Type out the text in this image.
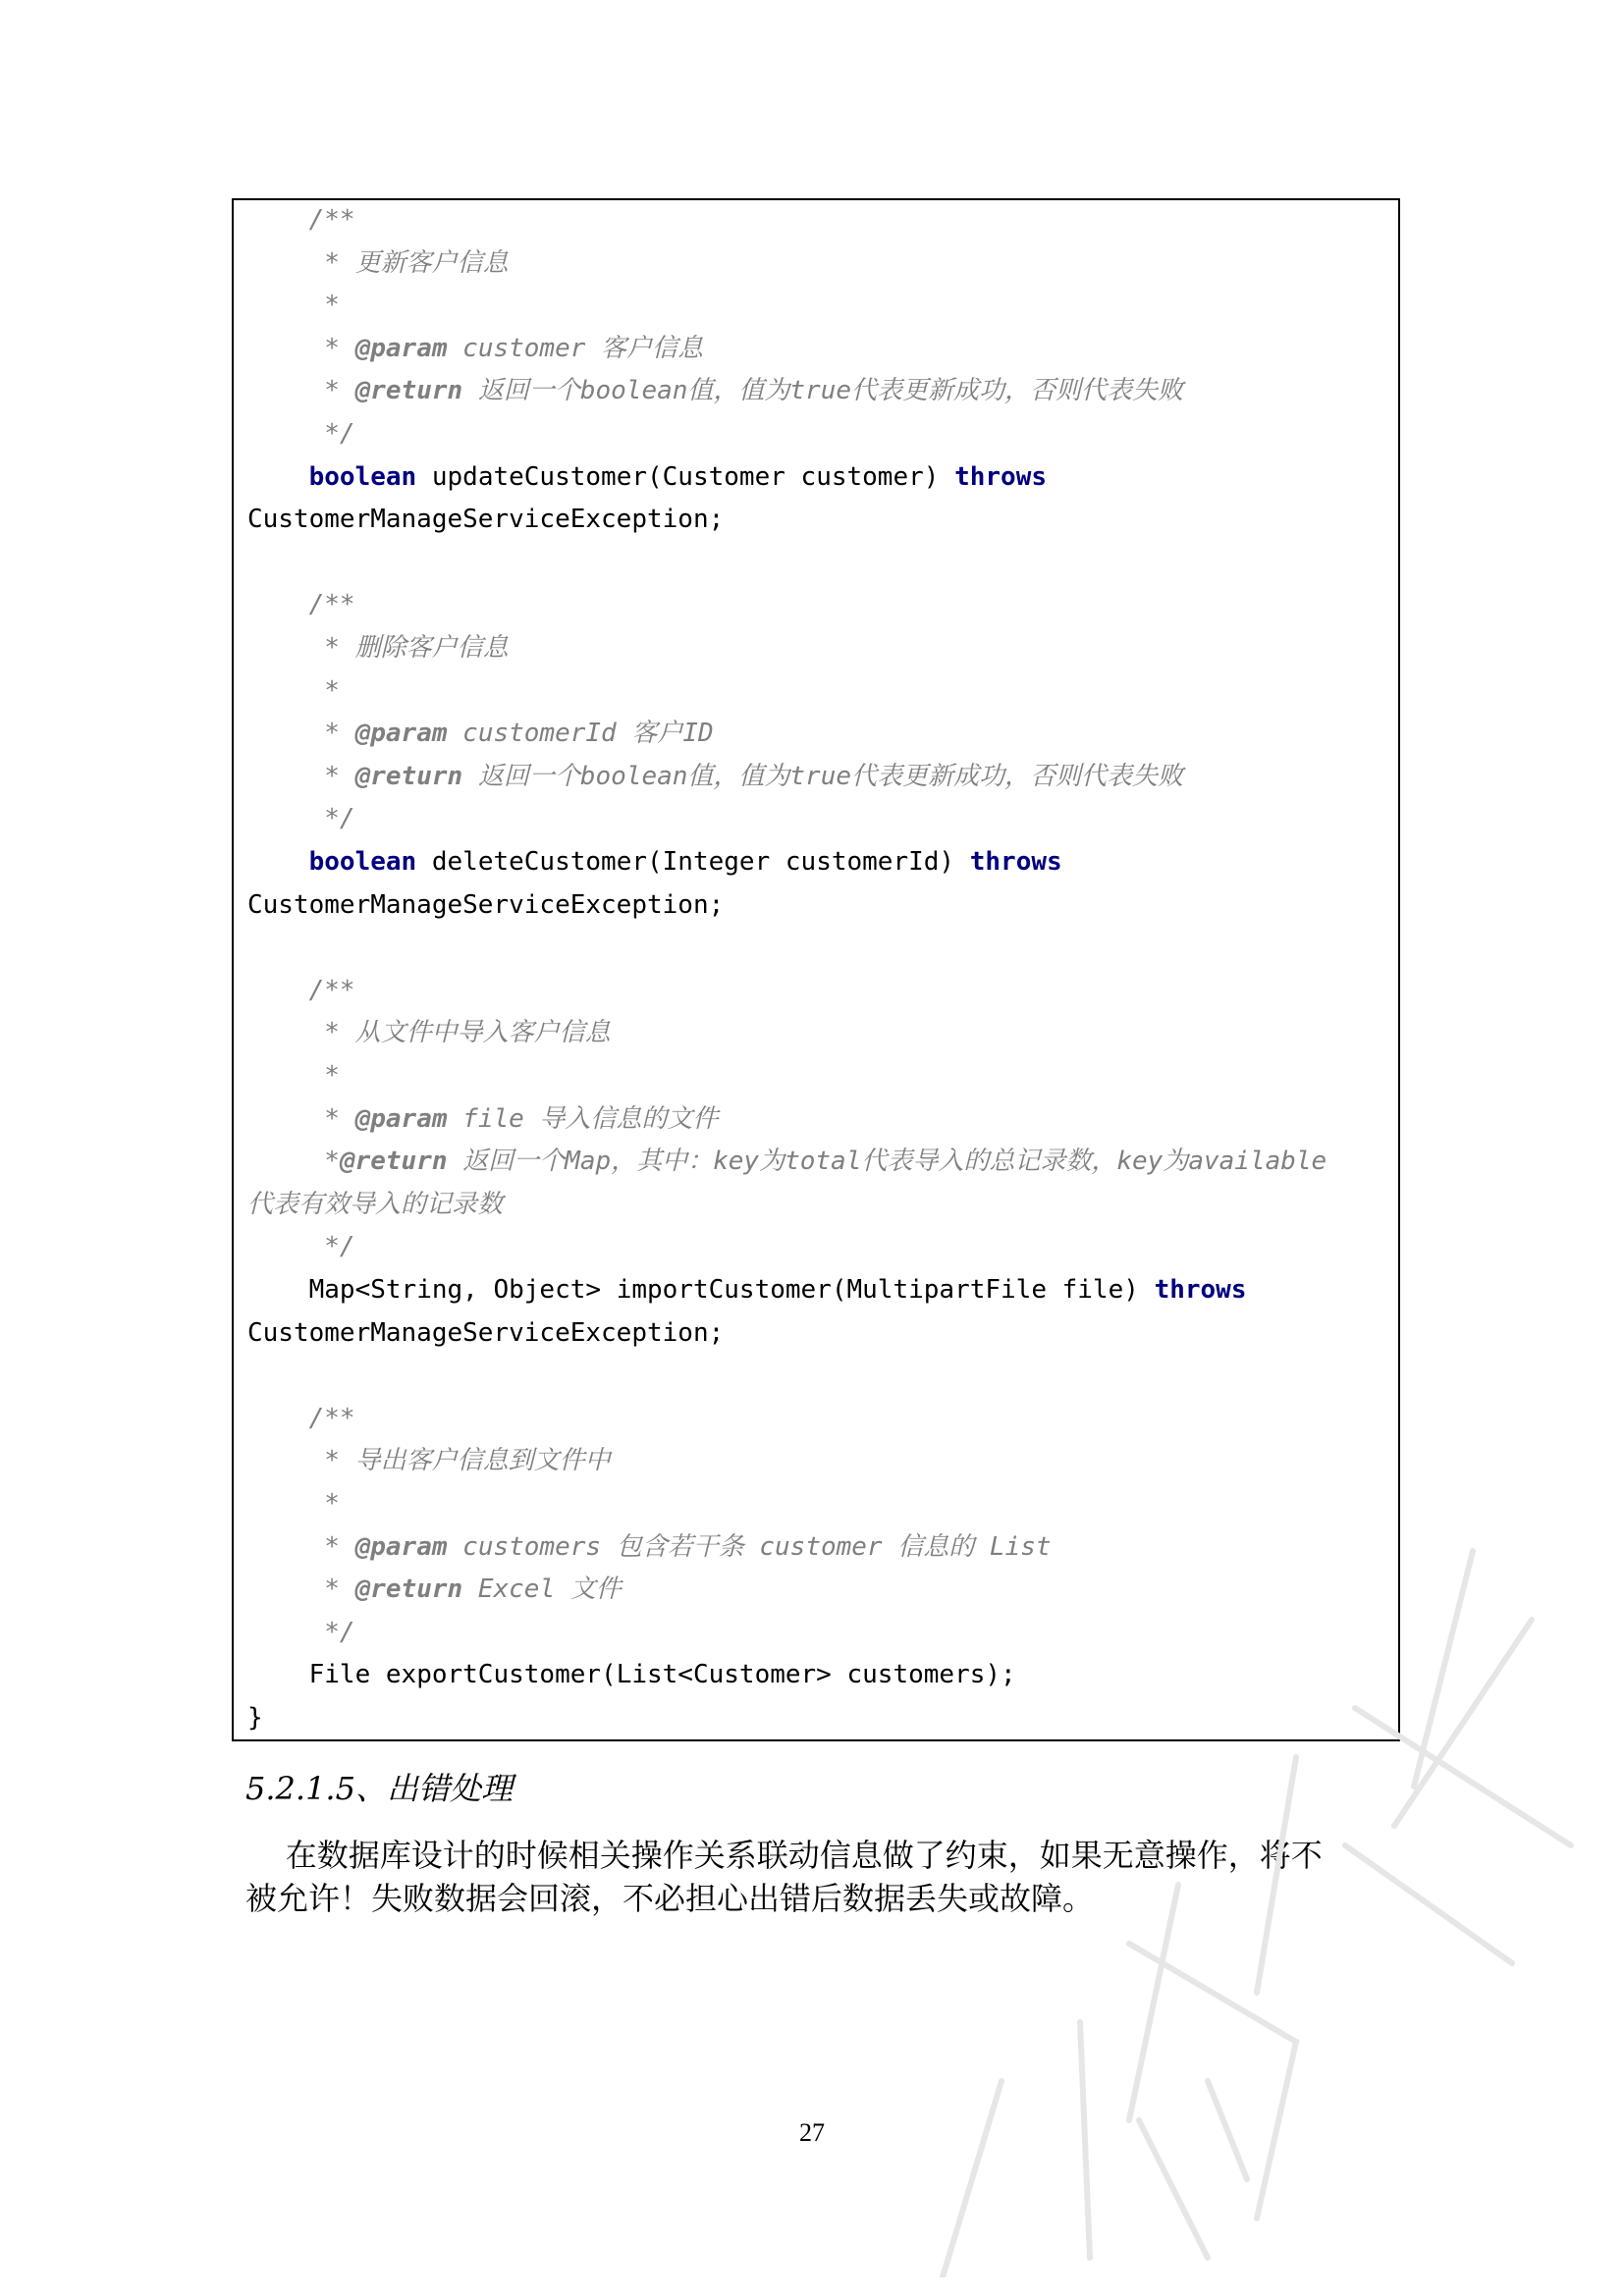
/**
* 更新客户信息
*
* @param customer 客户信息
* @return 返回一个boolean值，值为true代表更新成功，否则代表失败
*/
boolean updateCustomer(Customer customer) throws
CustomerManageServiceException;
/**
* 删除客户信息
*
* @param customerId 客户ID
* @return 返回一个boolean值，值为true代表更新成功，否则代表失败
*/
boolean deleteCustomer(Integer customerId) throws
CustomerManageServiceException;
/**
* 从文件中导入客户信息
*
* @param file 导入信息的文件
*@return 返回一个Map，其中：key为total代表导入的总记录数，key为available
代表有效导入的记录数
*/
Map<String, Object> importCustomer(MultipartFile file) throws
CustomerManageServiceException;
/**
* 导出客户信息到文件中
*
* @param customers 包含若干条 customer 信息的 List
* @return Excel 文件
*/
File exportCustomer(List<Customer> customers);
}
5.2.1.5、出错处理
在数据库设计的时候相关操作关系联动信息做了约束，如果无意操作，将不
被允许！失败数据会回滚，不必担心出错后数据丢失或故障。
27
